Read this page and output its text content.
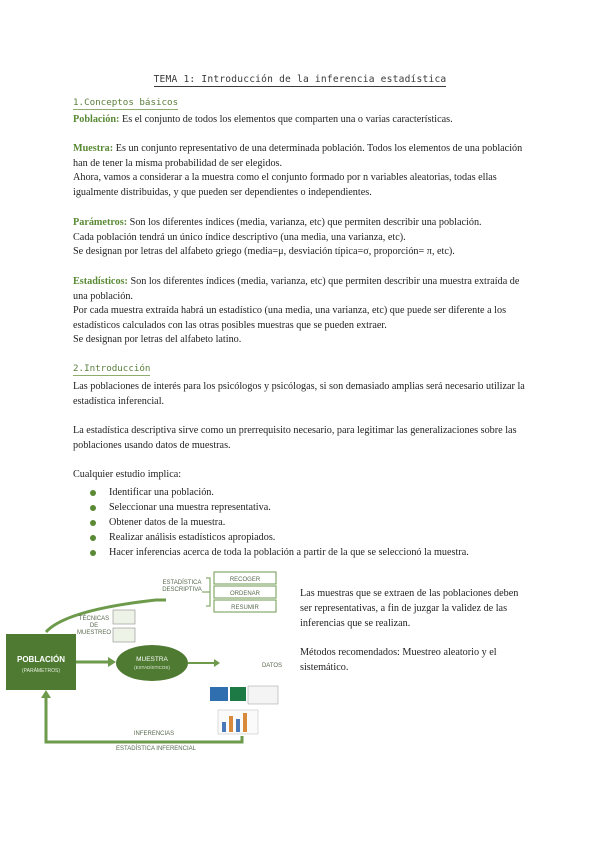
TEMA 1: Introducción de la inferencia estadística
1.Conceptos básicos

Población: Es el conjunto de todos los elementos que comparten una o varias características.

Muestra: Es un conjunto representativo de una determinada población. Todos los elementos de una población han de tener la misma probabilidad de ser elegidos.
Ahora, vamos a considerar a la muestra como el conjunto formado por n variables aleatorias, todas ellas igualmente distribuidas, y que pueden ser dependientes o independientes.

Parámetros: Son los diferentes índices (media, varianza, etc) que permiten describir una población.
Cada población tendrá un único índice descriptivo (una media, una varianza, etc).
Se designan por letras del alfabeto griego (media=μ, desviación típica=σ, proporción= π, etc).

Estadísticos: Son los diferentes índices (media, varianza, etc) que permiten describir una muestra extraída de una población.
Por cada muestra extraída habrá un estadístico (una media, una varianza, etc) que puede ser diferente a los estadísticos calculados con las otras posibles muestras que se pueden extraer.
Se designan por letras del alfabeto latino.

2.Introducción

Las poblaciones de interés para los psicólogos y psicólogas, si son demasiado amplias será necesario utilizar la estadística inferencial.

La estadística descriptiva sirve como un prerrequisito necesario, para legitimar las generalizaciones sobre las poblaciones usando datos de muestras.

Cualquier estudio implica:

Identificar una población.
Seleccionar una muestra representativa.
Obtener datos de la muestra.
Realizar análisis estadísticos apropiados.
Hacer inferencias acerca de toda la población a partir de la que se seleccionó la muestra.

Las muestras que se extraen de las poblaciones deben ser representativas, a fin de juzgar la validez de las inferencias que se realizan.

Métodos recomendados: Muestreo aleatorio y el sistemático.

RECOGER
ORDENAR
RESUMIR
ESTADÍSTICA
DESCRIPTIVA
TÉCNICAS
DE
MUESTREO
POBLACIÓN
(PARÁMETROS)
MUESTRA
(ESTADÍSTICOS)	DATOS
INFERENCIAS
ESTADÍSTICA INFERENCIAL
